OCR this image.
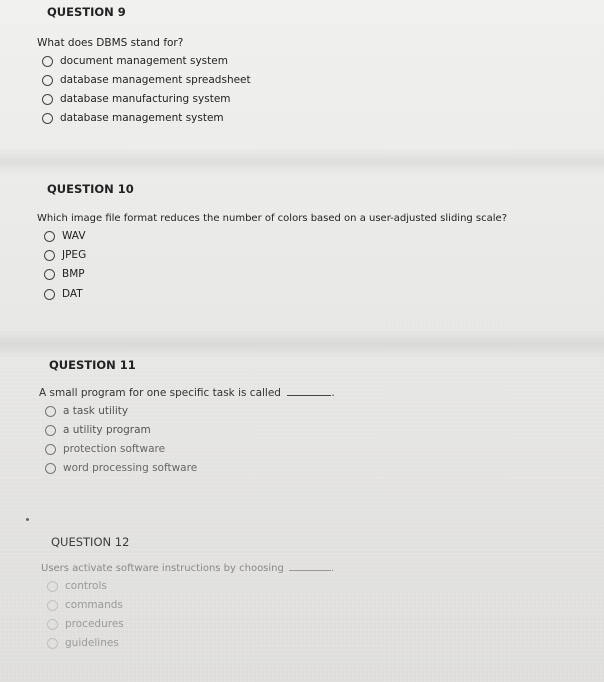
QUESTION 9
What does DBMS stand for?
document management system
database management spreadsheet
database manufacturing system
database management system
QUESTION 10
Which image file format reduces the number of colors based on a user-adjusted sliding scale?
WAV
JPEG
BMP
DAT
QUESTION 11
A small program for one specific task is called	.
a task utility
a utility program
protection software
word processing software
QUESTION 12
Users activate software instructions by choosing	.
controls
commands
procedures
guidelines
